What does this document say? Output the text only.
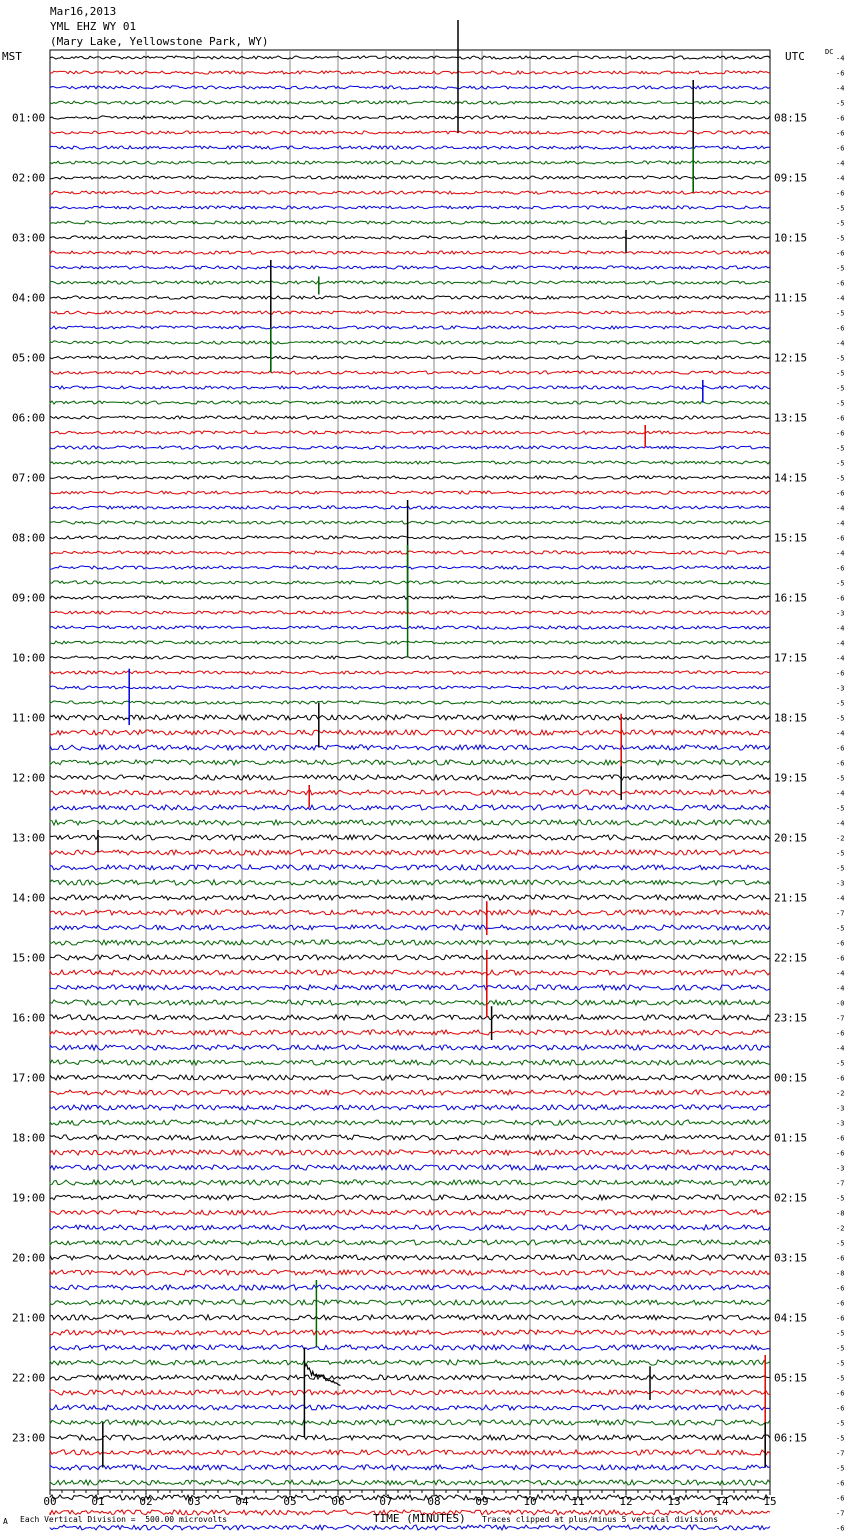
Mar16,2013
YML EHZ WY 01
(Mary Lake, Yellowstone Park, WY)
MST	UTC	DC
-4
-6
-4
-5
-6
-6
-6
-4
-4
-6
-5
-5
-5
-6
-5
-6
-4
-5
-6
-4
-5
-5
-5
-5
-6
-6
-5
-5
-5
-6
-4
-4
-6
-4
-6
-5
-6
-3
-4
-4
-4
-6
-3
-5
-5
-4
-6
-6
-5
-4
-5
-4
-2
-5
-5
-3
-4
-7
-5
-6
-6
-4
-4
-0
-7
-6
-4
-5
-6
-2
-3
-3
-6
-6
-3
-7
-5
-8
-2
-5
-6
-8
-6
-6
-6
-5
-5
-5
-5
-6
-6
-5
-5
-7
-5
-6
-6
-7
-6
01:00
02:00
03:00
04:00
05:00
06:00
07:00
08:00
09:00
10:00
11:00
12:00
13:00
14:00
15:00
16:00
17:00
18:00
19:00
20:00
21:00
22:00
23:00
08:15
09:15
10:15
11:15
12:15
13:15
14:15
15:15
16:15
17:15
18:15
19:15
20:15
21:15
22:15
23:15
00:15
01:15
02:15
03:15
04:15
05:15
06:15
00	01	02	03	04	05	06	07	08	09	10	11	12	13	14	15
A Each Vertical Division =  500.00 microvolts	TIME (MINUTES) Traces clipped at plus/minus 5 vertical divisions
